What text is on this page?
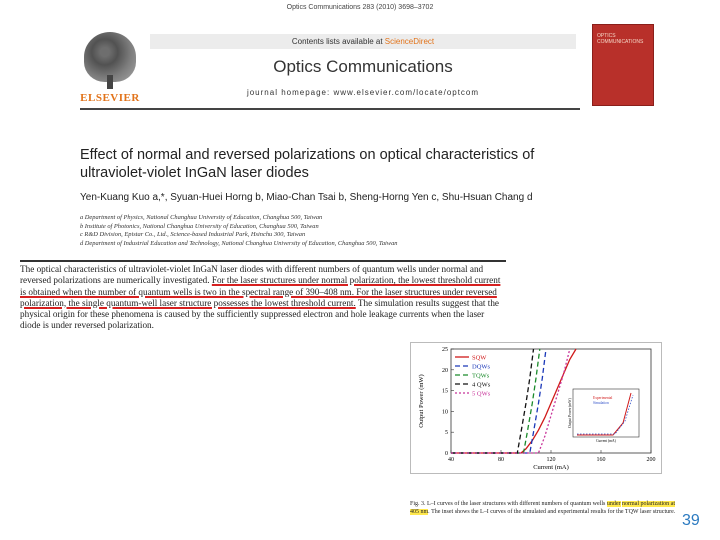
Optics Communications 283 (2010) 3698–3702
ELSEVIER
Contents lists available at ScienceDirect
Optics Communications
journal homepage: www.elsevier.com/locate/optcom
OPTICS COMMUNICATIONS
Effect of normal and reversed polarizations on optical characteristics of ultraviolet-violet InGaN laser diodes
Yen-Kuang Kuo a,*, Syuan-Huei Horng b, Miao-Chan Tsai b, Sheng-Horng Yen c, Shu-Hsuan Chang d

a Department of Physics, National Changhua University of Education, Changhua 500, Taiwan

b Institute of Photonics, National Changhua University of Education, Changhua 500, Taiwan

c R&D Division, Epistar Co., Ltd., Science-based Industrial Park, Hsinchu 300, Taiwan

d Department of Industrial Education and Technology, National Changhua University of Education, Changhua 500, Taiwan

The optical characteristics of ultraviolet-violet InGaN laser diodes with different numbers of quantum wells under normal and reversed polarizations are numerically investigated. For the laser structures under normal polarization, the lowest threshold current is obtained when the number of quantum wells is two in the spectral range of 390–408 nm. For the laser structures under reversed polarization, the single quantum-well laser structure possesses the lowest threshold current. The simulation results suggest that the physical origin for these phenomena is caused by the sufficiently suppressed electron and hole leakage currents when the laser diode is under reversed polarization.
40	80	120	160	200
0
5
10
15
20
25
Current (mA)
Output Power (mW)
SQW
DQWs
TQWs
4 QWs
5 QWs
Experimental
Simulation
Current (mA)
Output Power (mW)
Fig. 3. L–I curves of the laser structures with different numbers of quantum wells under normal polarization at 405 nm. The inset shows the L–I curves of the simulated and experimental results for the TQW laser structure. 39
